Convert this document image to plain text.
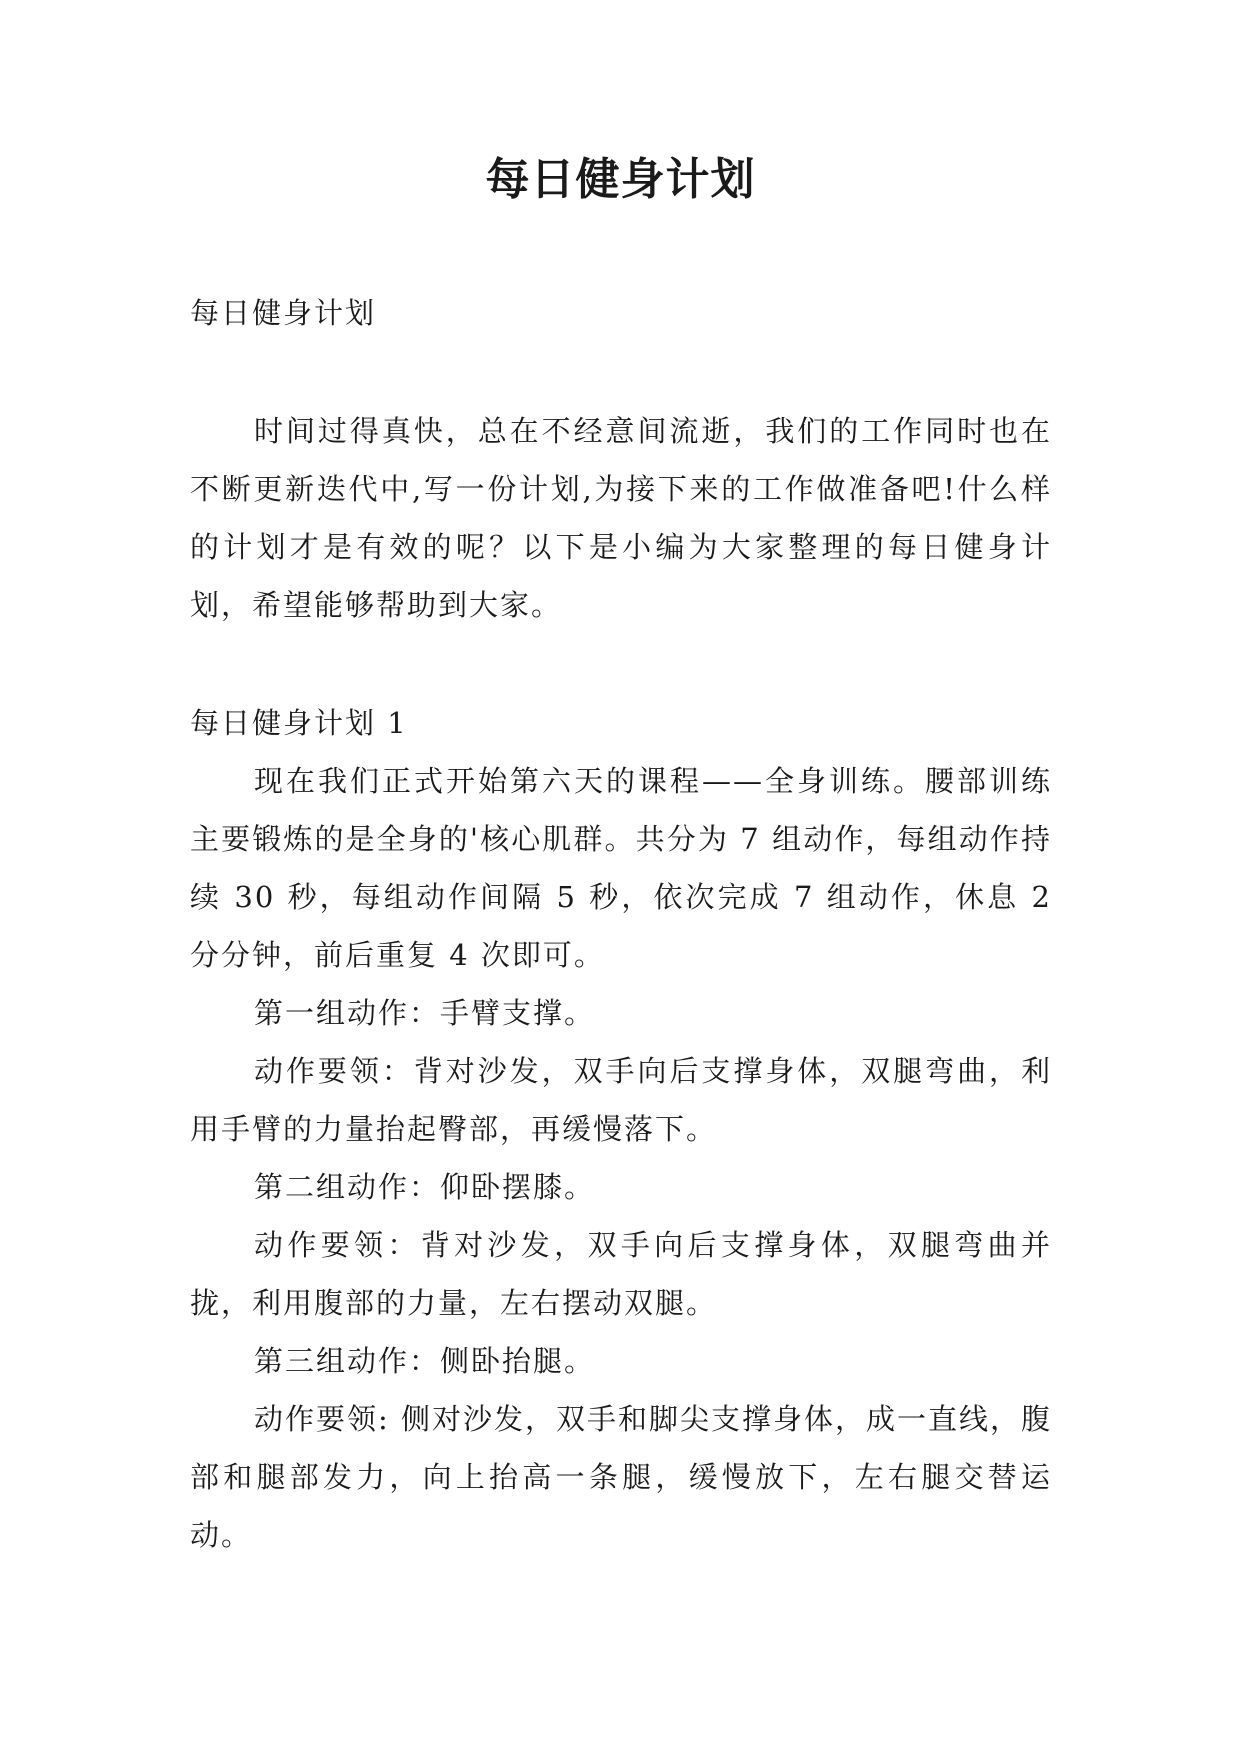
每日健身计划

每日健身计划

时间过得真快，总在不经意间流逝，我们的工作同时也在不断更新迭代中,写一份计划,为接下来的工作做准备吧!什么样的计划才是有效的呢？以下是小编为大家整理的每日健身计划，希望能够帮助到大家。

每日健身计划 1

现在我们正式开始第六天的课程——全身训练。腰部训练主要锻炼的是全身的'核心肌群。共分为 7 组动作，每组动作持续 30 秒，每组动作间隔 5 秒，依次完成 7 组动作，休息 2 分分钟，前后重复 4 次即可。

第一组动作：手臂支撑。

动作要领：背对沙发，双手向后支撑身体，双腿弯曲，利用手臂的力量抬起臀部，再缓慢落下。

第二组动作：仰卧摆膝。

动作要领：背对沙发，双手向后支撑身体，双腿弯曲并拢，利用腹部的力量，左右摆动双腿。

第三组动作：侧卧抬腿。

动作要领: 侧对沙发，双手和脚尖支撑身体，成一直线，腹部和腿部发力，向上抬高一条腿，缓慢放下，左右腿交替运动。
